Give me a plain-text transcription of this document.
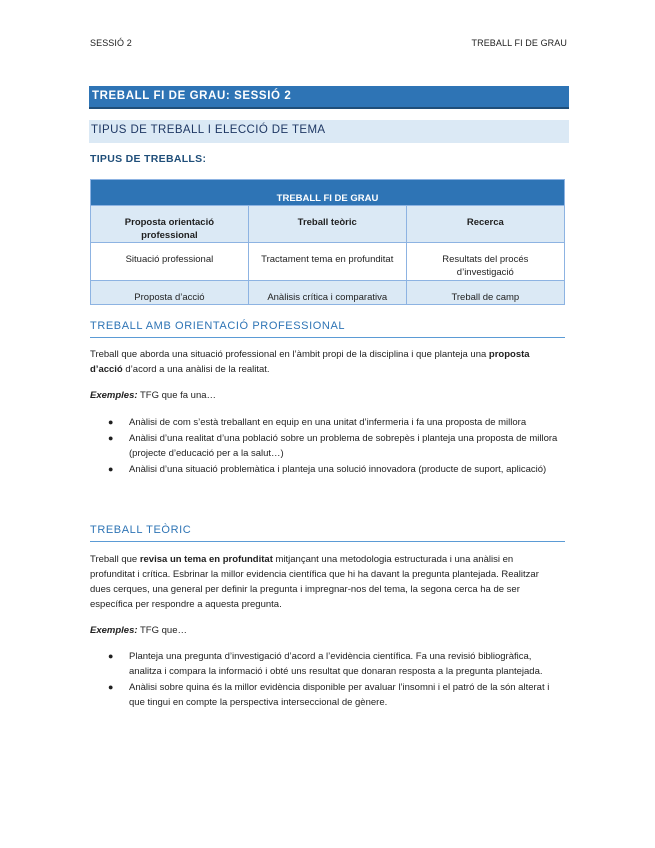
SESSIÓ 2	TREBALL FI DE GRAU
TREBALL FI DE GRAU: SESSIÓ 2
TIPUS DE TREBALL I ELECCIÓ DE TEMA
TIPUS DE TREBALLS:
TREBALL FI DE GRAU		
Proposta orientació professional	Treball teòric	Recerca
Situació professional	Tractament tema en profunditat	Resultats del procés d’investigació
Proposta d’acció	Anàlisis crítica i comparativa	Treball de camp
TREBALL AMB ORIENTACIÓ PROFESSIONAL
Treball que aborda una situació professional en l’àmbit propi de la disciplina i que planteja una proposta d’acció d’acord a una anàlisi de la realitat.
Exemples: TFG que fa una…
● Anàlisi de com s’està treballant en equip en una unitat d’infermeria i fa una proposta de millora
● Anàlisi d’una realitat d’una població sobre un problema de sobrepès i planteja una proposta de millora (projecte d’educació per a la salut…)
● Anàlisi d’una situació problemàtica i planteja una solució innovadora (producte de suport, aplicació)
TREBALL TEÒRIC
Treball que revisa un tema en profunditat mitjançant una metodologia estructurada i una anàlisi en profunditat i crítica. Esbrinar la millor evidencia científica que hi ha davant la pregunta plantejada. Realitzar dues cerques, una general per definir la pregunta i impregnar-nos del tema, la segona cerca ha de ser específica per respondre a aquesta pregunta.
Exemples: TFG que…
● Planteja una pregunta d’investigació d’acord a l’evidència científica. Fa una revisió bibliogràfica, analitza i compara la informació i obté uns resultat que donaran resposta a la pregunta plantejada.
● Anàlisi sobre quina és la millor evidència disponible per avaluar l’insomni i el patró de la són alterat i que tingui en compte la perspectiva interseccional de gènere.
